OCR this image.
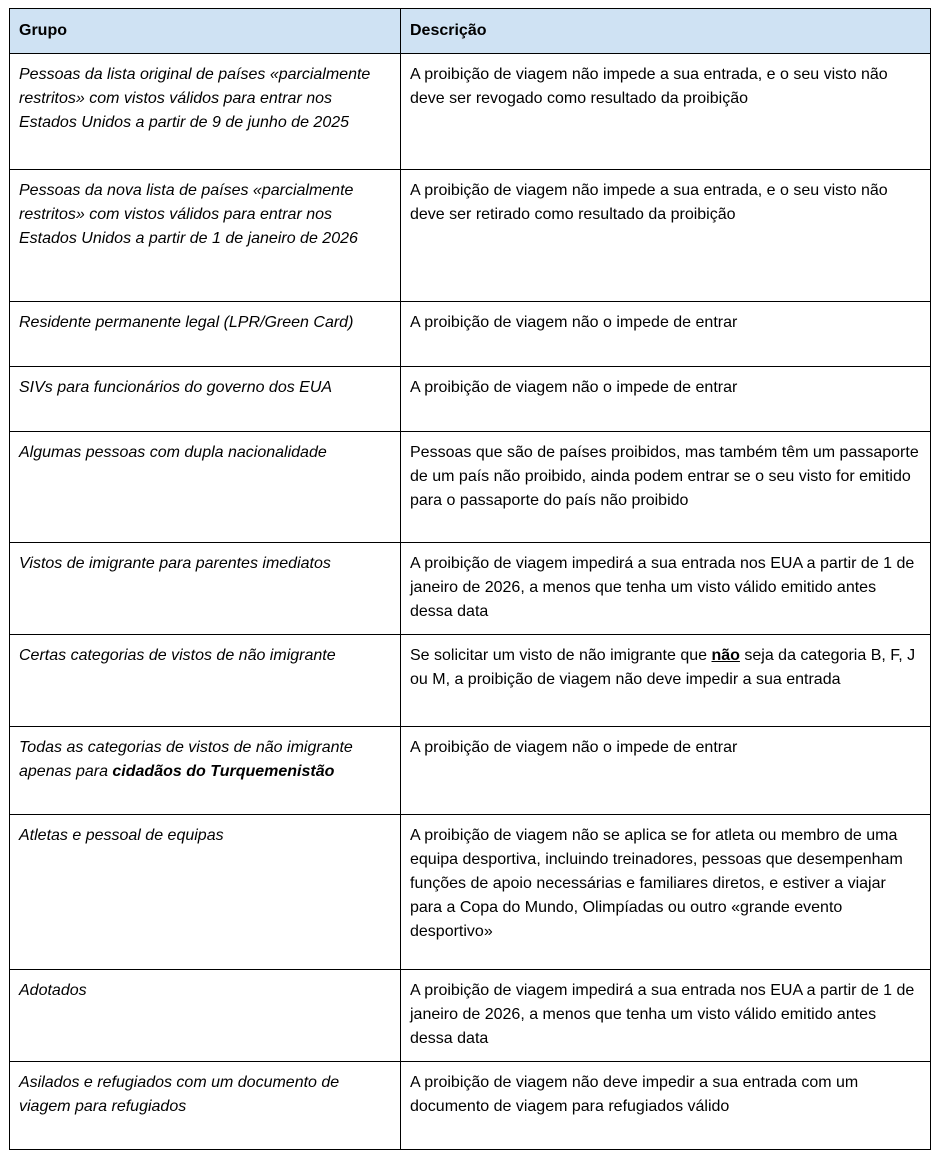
Grupo	Descrição
Pessoas da lista original de países «parcialmente restritos» com vistos válidos para entrar nos Estados Unidos a partir de 9 de junho de 2025	A proibição de viagem não impede a sua entrada, e o seu visto não deve ser revogado como resultado da proibição
Pessoas da nova lista de países «parcialmente restritos» com vistos válidos para entrar nos Estados Unidos a partir de 1 de janeiro de 2026	A proibição de viagem não impede a sua entrada, e o seu visto não deve ser retirado como resultado da proibição
Residente permanente legal (LPR/Green Card)	A proibição de viagem não o impede de entrar
SIVs para funcionários do governo dos EUA	A proibição de viagem não o impede de entrar
Algumas pessoas com dupla nacionalidade	Pessoas que são de países proibidos, mas também têm um passaporte de um país não proibido, ainda podem entrar se o seu visto for emitido para o passaporte do país não proibido
Vistos de imigrante para parentes imediatos	A proibição de viagem impedirá a sua entrada nos EUA a partir de 1 de janeiro de 2026, a menos que tenha um visto válido emitido antes dessa data
Certas categorias de vistos de não imigrante	Se solicitar um visto de não imigrante que não seja da categoria B, F, J ou M, a proibição de viagem não deve impedir a sua entrada
Todas as categorias de vistos de não imigrante apenas para cidadãos do Turquemenistão	A proibição de viagem não o impede de entrar
Atletas e pessoal de equipas	A proibição de viagem não se aplica se for atleta ou membro de uma equipa desportiva, incluindo treinadores, pessoas que desempenham funções de apoio necessárias e familiares diretos, e estiver a viajar para a Copa do Mundo, Olimpíadas ou outro «grande evento desportivo»
Adotados	A proibição de viagem impedirá a sua entrada nos EUA a partir de 1 de janeiro de 2026, a menos que tenha um visto válido emitido antes dessa data
Asilados e refugiados com um documento de viagem para refugiados	A proibição de viagem não deve impedir a sua entrada com um documento de viagem para refugiados válido
